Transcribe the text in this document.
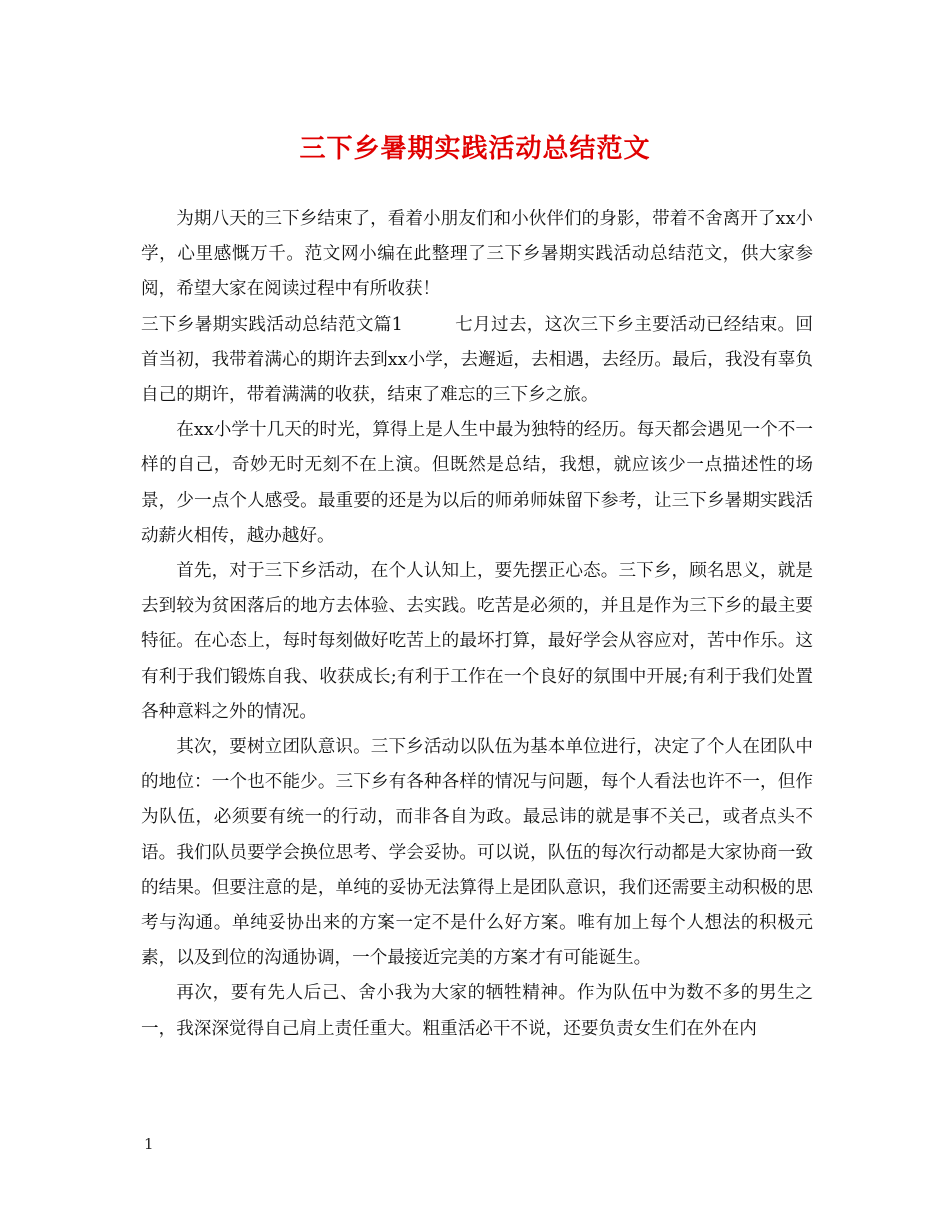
三下乡暑期实践活动总结范文

为期八天的三下乡结束了，看着小朋友们和小伙伴们的身影，带着不舍离开了xx小学，心里感慨万千。范文网小编在此整理了三下乡暑期实践活动总结范文，供大家参阅，希望大家在阅读过程中有所收获！

三下乡暑期实践活动总结范文篇1	七月过去，这次三下乡主要活动已经结束。回首当初，我带着满心的期许去到xx小学，去邂逅，去相遇，去经历。最后，我没有辜负自己的期许，带着满满的收获，结束了难忘的三下乡之旅。

在xx小学十几天的时光，算得上是人生中最为独特的经历。每天都会遇见一个不一样的自己，奇妙无时无刻不在上演。但既然是总结，我想，就应该少一点描述性的场景，少一点个人感受。最重要的还是为以后的师弟师妹留下参考，让三下乡暑期实践活动薪火相传，越办越好。

首先，对于三下乡活动，在个人认知上，要先摆正心态。三下乡，顾名思义，就是去到较为贫困落后的地方去体验、去实践。吃苦是必须的，并且是作为三下乡的最主要特征。在心态上，每时每刻做好吃苦上的最坏打算，最好学会从容应对，苦中作乐。这有利于我们锻炼自我、收获成长;有利于工作在一个良好的氛围中开展;有利于我们处置各种意料之外的情况。

其次，要树立团队意识。三下乡活动以队伍为基本单位进行，决定了个人在团队中的地位：一个也不能少。三下乡有各种各样的情况与问题，每个人看法也许不一，但作为队伍，必须要有统一的行动，而非各自为政。最忌讳的就是事不关己，或者点头不语。我们队员要学会换位思考、学会妥协。可以说，队伍的每次行动都是大家协商一致的结果。但要注意的是，单纯的妥协无法算得上是团队意识，我们还需要主动积极的思考与沟通。单纯妥协出来的方案一定不是什么好方案。唯有加上每个人想法的积极元素，以及到位的沟通协调，一个最接近完美的方案才有可能诞生。

再次，要有先人后己、舍小我为大家的牺牲精神。作为队伍中为数不多的男生之一，我深深觉得自己肩上责任重大。粗重活必干不说，还要负责女生们在外在内

1
